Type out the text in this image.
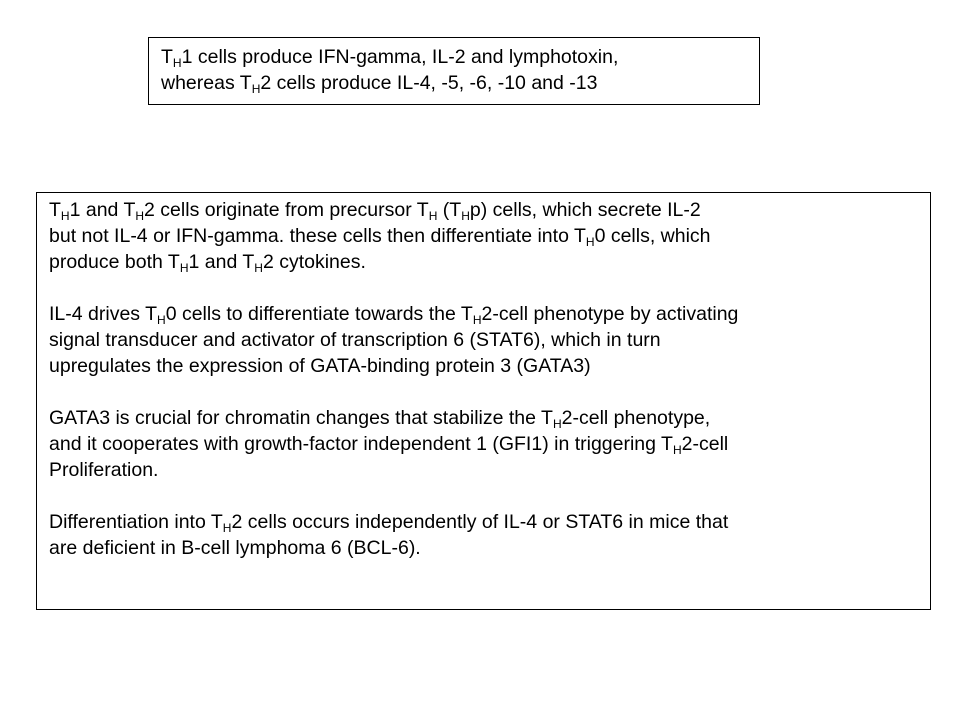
$T_H1$ cells produce IFN-gamma, IL-2 and lymphotoxin,
whereas $T_H2$ cells produce IL-4, -5, -6, -10 and -13
$T_H1$ and $T_H2$ cells originate from precursor $T_H$ $(T_Hp)$ cells, which secrete IL-2
but not IL-4 or IFN-gamma. these cells then differentiate into $T_H0$ cells, which
produce both $T_H1$ and $T_H2$ cytokines.
IL-4 drives $T_H0$ cells to differentiate towards the $T_H2$-cell phenotype by activating
signal transducer and activator of transcription 6 (STAT6), which in turn
upregulates the expression of GATA-binding protein 3 (GATA3)
GATA3 is crucial for chromatin changes that stabilize the $T_H2$-cell phenotype,
and it cooperates with growth-factor independent 1 (GFI1) in triggering $T_H2$-cell
Proliferation.
Differentiation into $T_H2$ cells occurs independently of IL-4 or STAT6 in mice that
are deficient in B-cell lymphoma 6 (BCL-6).
